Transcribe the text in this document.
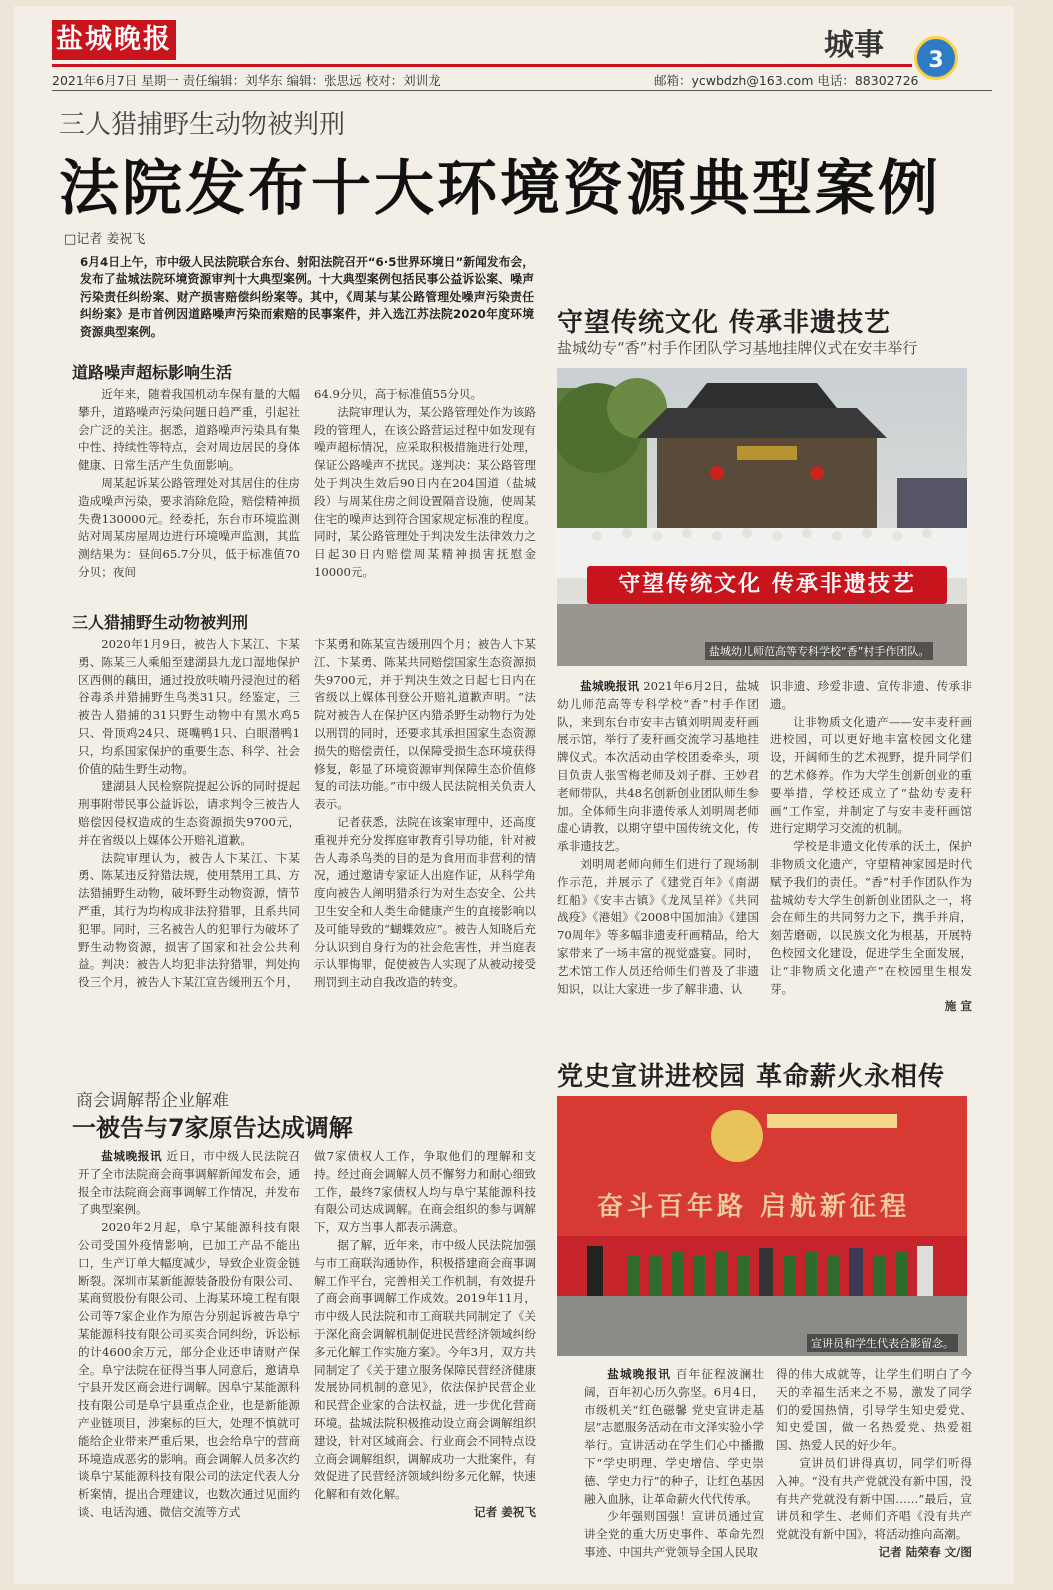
盐城晚报	城事	3
2021年6月7日 星期一 责任编辑：刘华东 编辑：张思远 校对：刘训龙	邮箱：ycwbdzh@163.com 电话：88302726
三人猎捕野生动物被判刑
法院发布十大环境资源典型案例
□记者 姜祝飞
6月4日上午，市中级人民法院联合东台、射阳法院召开“6·5世界环境日”新闻发布会，发布了盐城法院环境资源审判十大典型案例。十大典型案例包括民事公益诉讼案、噪声污染责任纠纷案、财产损害赔偿纠纷案等。其中，《周某与某公路管理处噪声污染责任纠纷案》是市首例因道路噪声污染而索赔的民事案件，并入选江苏法院2020年度环境资源典型案例。
道路噪声超标影响生活

近年来，随着我国机动车保有量的大幅攀升，道路噪声污染问题日趋严重，引起社会广泛的关注。据悉，道路噪声污染具有集中性、持续性等特点，会对周边居民的身体健康、日常生活产生负面影响。

周某起诉某公路管理处对其居住的住房造成噪声污染，要求消除危险，赔偿精神损失费130000元。经委托，东台市环境监测站对周某房屋周边进行环境噪声监测，其监测结果为：昼间65.7分贝，低于标准值70分贝；夜间

64.9分贝，高于标准值55分贝。

法院审理认为，某公路管理处作为该路段的管理人，在该公路营运过程中如发现有噪声超标情况，应采取积极措施进行处理，保证公路噪声不扰民。遂判决：某公路管理处于判决生效后90日内在204国道（盐城段）与周某住房之间设置隔音设施，使周某住宅的噪声达到符合国家规定标准的程度。同时，某公路管理处于判决发生法律效力之日起30日内赔偿周某精神损害抚慰金10000元。

三人猎捕野生动物被判刑

2020年1月9日，被告人卞某江、卞某勇、陈某三人乘船至建湖县九龙口湿地保护区西侧的藕田，通过投放呋喃丹浸泡过的稻谷毒杀并猎捕野生鸟类31只。经鉴定，三被告人猎捕的31只野生动物中有黑水鸡5只、骨顶鸡24只、斑嘴鸭1只、白眼潜鸭1只，均系国家保护的重要生态、科学、社会价值的陆生野生动物。

建湖县人民检察院提起公诉的同时提起刑事附带民事公益诉讼，请求判令三被告人赔偿因侵权造成的生态资源损失9700元，并在省级以上媒体公开赔礼道歉。

法院审理认为，被告人卞某江、卞某勇、陈某违反狩猎法规，使用禁用工具、方法猎捕野生动物，破坏野生动物资源，情节严重，其行为均构成非法狩猎罪，且系共同犯罪。同时，三名被告人的犯罪行为破坏了野生动物资源，损害了国家和社会公共利益。判决：被告人均犯非法狩猎罪，判处拘役三个月，被告人卞某江宣告缓刑五个月，

卞某勇和陈某宣告缓刑四个月；被告人卞某江、卞某勇、陈某共同赔偿国家生态资源损失9700元，并于判决生效之日起七日内在省级以上媒体刊登公开赔礼道歉声明。“法院对被告人在保护区内猎杀野生动物行为处以刑罚的同时，还要求其承担国家生态资源损失的赔偿责任，以保障受损生态环境获得修复，彰显了环境资源审判保障生态价值修复的司法功能。”市中级人民法院相关负责人表示。

记者获悉，法院在该案审理中，还高度重视并充分发挥庭审教育引导功能，针对被告人毒杀鸟类的目的是为食用而非营利的情况，通过邀请专家证人出庭作证，从科学角度向被告人阐明猎杀行为对生态安全、公共卫生安全和人类生命健康产生的直接影响以及可能导致的“蝴蝶效应”。被告人知晓后充分认识到自身行为的社会危害性，并当庭表示认罪悔罪，促使被告人实现了从被动接受刑罚到主动自我改造的转变。

守望传统文化 传承非遗技艺
盐城幼专“香”村手作团队学习基地挂牌仪式在安丰举行
守望传统文化 传承非遗技艺
盐城幼儿师范高等专科学校“香”村手作团队。

盐城晚报讯 2021年6月2日，盐城幼儿师范高等专科学校“香”村手作团队，来到东台市安丰古镇刘明周麦秆画展示馆，举行了麦秆画交流学习基地挂牌仪式。本次活动由学校团委牵头，项目负责人张雪梅老师及刘子群、王妙君老师带队，共48名创新创业团队师生参加。全体师生向非遗传承人刘明周老师虚心请教，以期守望中国传统文化，传承非遗技艺。

刘明周老师向师生们进行了现场制作示范，并展示了《建党百年》《南湖红船》《安丰古镇》《龙凤呈祥》《共同战疫》《港姐》《2008中国加油》《建国70周年》等多幅非遗麦秆画精品，给大家带来了一场丰富的视觉盛宴。同时，艺术馆工作人员还给师生们普及了非遗知识，以让大家进一步了解非遗、认

识非遗、珍爱非遗、宣传非遗、传承非遗。

让非物质文化遗产——安丰麦秆画进校园，可以更好地丰富校园文化建设，开阔师生的艺术视野，提升同学们的艺术修养。作为大学生创新创业的重要举措，学校还成立了“盐幼专麦秆画”工作室，并制定了与安丰麦秆画馆进行定期学习交流的机制。

学校是非遗文化传承的沃土，保护非物质文化遗产，守望精神家园是时代赋予我们的责任。“香”村手作团队作为盐城幼专大学生创新创业团队之一，将会在师生的共同努力之下，携手并肩，刻苦磨砺，以民族文化为根基，开展特色校园文化建设，促进学生全面发展，让“非物质文化遗产”在校园里生根发芽。

施 宣

党史宣讲进校园 革命薪火永相传
奋斗百年路 启航新征程
宣讲员和学生代表合影留念。

盐城晚报讯 百年征程波澜壮阔，百年初心历久弥坚。6月4日，市级机关“红色磁馨 党史宣讲走基层”志愿服务活动在市文泽实验小学举行。宣讲活动在学生们心中播撒下“学史明理、学史增信、学史崇德、学史力行”的种子，让红色基因融入血脉，让革命薪火代代传承。

少年强则国强！宣讲员通过宣讲全党的重大历史事件、革命先烈事迹、中国共产党领导全国人民取

得的伟大成就等，让学生们明白了今天的幸福生活来之不易，激发了同学们的爱国热情，引导学生知史爱党、知史爱国，做一名热爱党、热爱祖国、热爱人民的好少年。

宣讲员们讲得真切，同学们听得入神。“没有共产党就没有新中国，没有共产党就没有新中国……”最后，宣讲员和学生、老师们齐唱《没有共产党就没有新中国》，将活动推向高潮。

记者 陆荣春 文/图

商会调解帮企业解难
一被告与7家原告达成调解

盐城晚报讯 近日，市中级人民法院召开了全市法院商会商事调解新闻发布会，通报全市法院商会商事调解工作情况，并发布了典型案例。

2020年2月起，阜宁某能源科技有限公司受国外疫情影响，已加工产品不能出口，生产订单大幅度减少，导致企业资金链断裂。深圳市某新能源装备股份有限公司、某商贸股份有限公司、上海某环境工程有限公司等7家企业作为原告分别起诉被告阜宁某能源科技有限公司买卖合同纠纷，诉讼标的计4600余万元，部分企业还申请财产保全。阜宁法院在征得当事人同意后，邀请阜宁县开发区商会进行调解。因阜宁某能源科技有限公司是阜宁县重点企业，也是新能源产业链项目，涉案标的巨大，处理不慎就可能给企业带来严重后果，也会给阜宁的营商环境造成恶劣的影响。商会调解人员多次约谈阜宁某能源科技有限公司的法定代表人分析案情，提出合理建议，也数次通过见面约谈、电话沟通、微信交流等方式

做7家债权人工作，争取他们的理解和支持。经过商会调解人员不懈努力和耐心细致工作，最终7家债权人均与阜宁某能源科技有限公司达成调解。在商会组织的参与调解下，双方当事人都表示满意。

据了解，近年来，市中级人民法院加强与市工商联沟通协作，积极搭建商会商事调解工作平台，完善相关工作机制，有效提升了商会商事调解工作成效。2019年11月，市中级人民法院和市工商联共同制定了《关于深化商会调解机制促进民营经济领域纠纷多元化解工作实施方案》。今年3月，双方共同制定了《关于建立服务保障民营经济健康发展协同机制的意见》，依法保护民营企业和民营企业家的合法权益，进一步优化营商环境。盐城法院积极推动设立商会调解组织建设，针对区域商会、行业商会不同特点设立商会调解组织，调解成功一大批案件，有效促进了民营经济领域纠纷多元化解，快速化解和有效化解。

记者 姜祝飞
